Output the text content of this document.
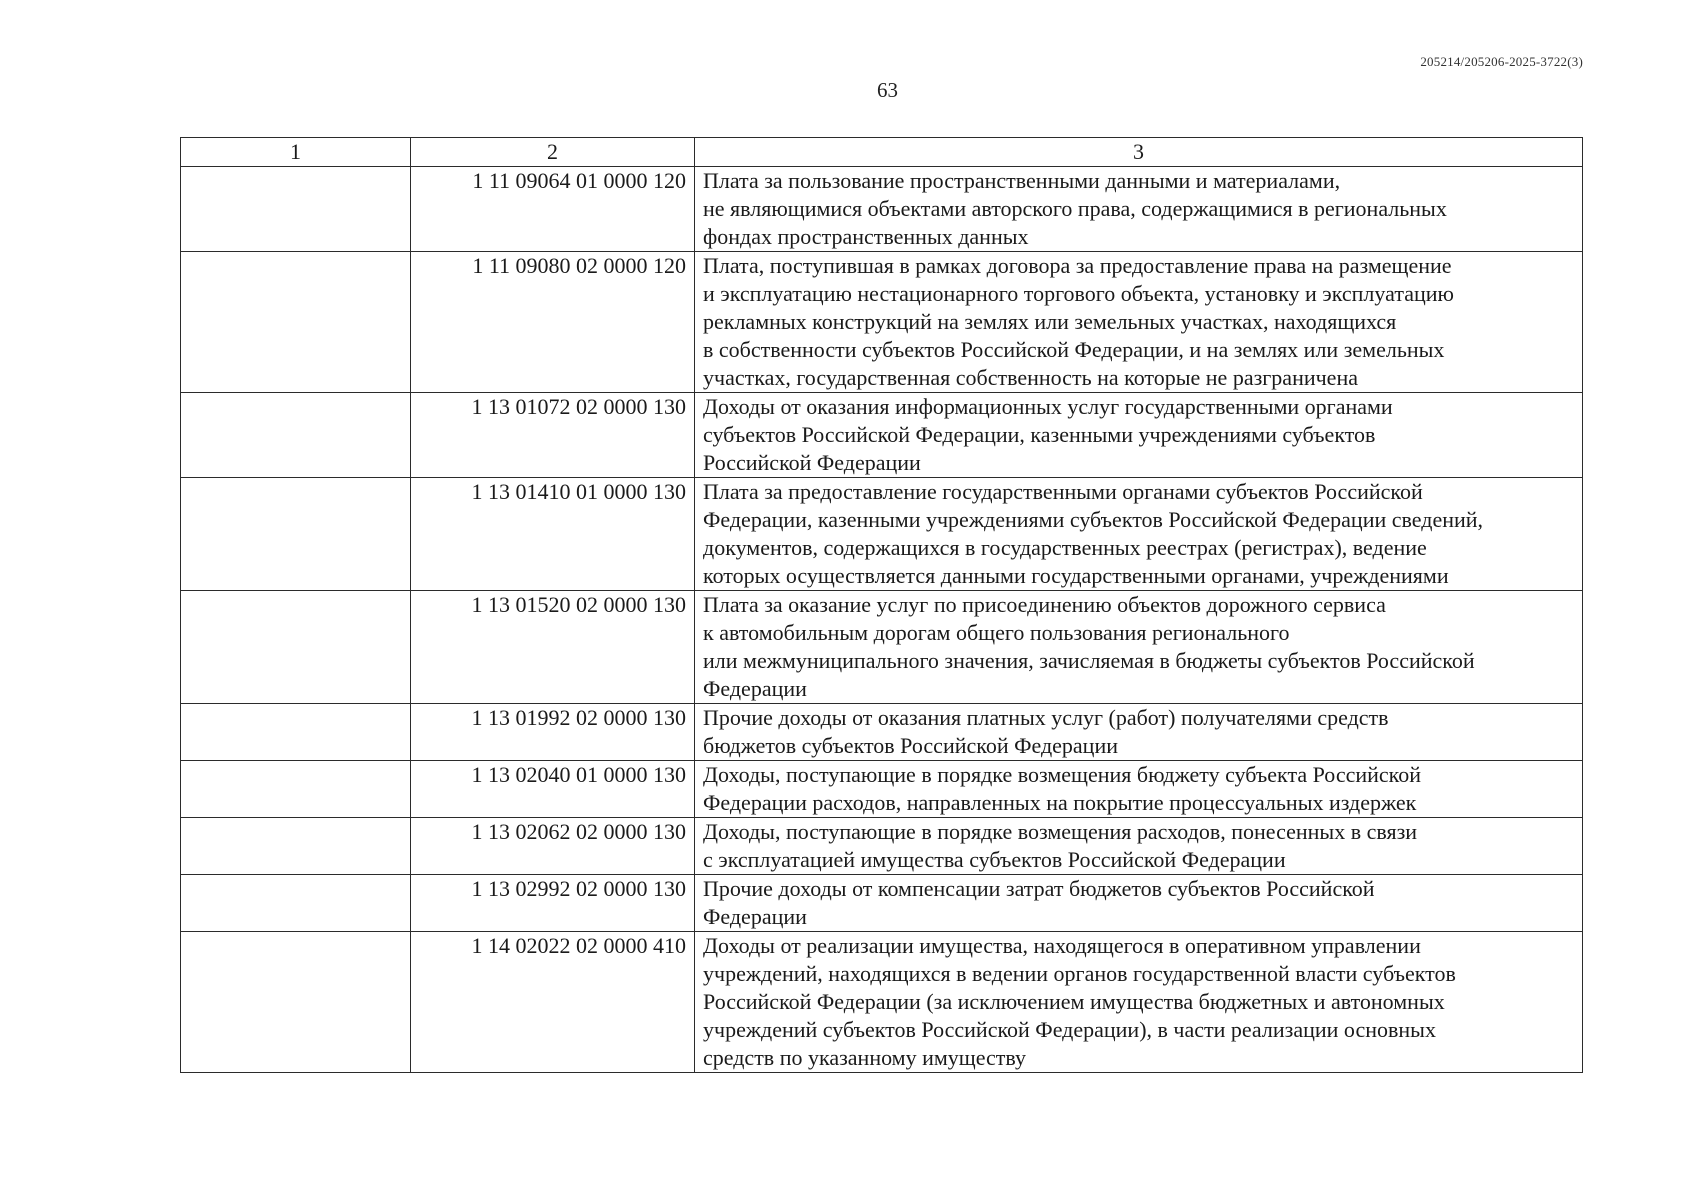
205214/205206-2025-3722(3)
63
1	2	3
	1 11 09064 01 0000 120	Плата за пользование пространственными данными и материалами,
не являющимися объектами авторского права, содержащимися в региональных
фондах пространственных данных

	1 11 09080 02 0000 120	Плата, поступившая в рамках договора за предоставление права на размещение
и эксплуатацию нестационарного торгового объекта, установку и эксплуатацию
рекламных конструкций на землях или земельных участках, находящихся
в собственности субъектов Российской Федерации, и на землях или земельных
участках, государственная собственность на которые не разграничена

	1 13 01072 02 0000 130	Доходы от оказания информационных услуг государственными органами
субъектов Российской Федерации, казенными учреждениями субъектов
Российской Федерации

	1 13 01410 01 0000 130	Плата за предоставление государственными органами субъектов Российской
Федерации, казенными учреждениями субъектов Российской Федерации сведений,
документов, содержащихся в государственных реестрах (регистрах), ведение
которых осуществляется данными государственными органами, учреждениями

	1 13 01520 02 0000 130	Плата за оказание услуг по присоединению объектов дорожного сервиса
к автомобильным дорогам общего пользования регионального
или межмуниципального значения, зачисляемая в бюджеты субъектов Российской
Федерации

	1 13 01992 02 0000 130	Прочие доходы от оказания платных услуг (работ) получателями средств
бюджетов субъектов Российской Федерации

	1 13 02040 01 0000 130	Доходы, поступающие в порядке возмещения бюджету субъекта Российской
Федерации расходов, направленных на покрытие процессуальных издержек

	1 13 02062 02 0000 130	Доходы, поступающие в порядке возмещения расходов, понесенных в связи
с эксплуатацией имущества субъектов Российской Федерации

	1 13 02992 02 0000 130	Прочие доходы от компенсации затрат бюджетов субъектов Российской
Федерации

	1 14 02022 02 0000 410	Доходы от реализации имущества, находящегося в оперативном управлении
учреждений, находящихся в ведении органов государственной власти субъектов
Российской Федерации (за исключением имущества бюджетных и автономных
учреждений субъектов Российской Федерации), в части реализации основных
средств по указанному имуществу
